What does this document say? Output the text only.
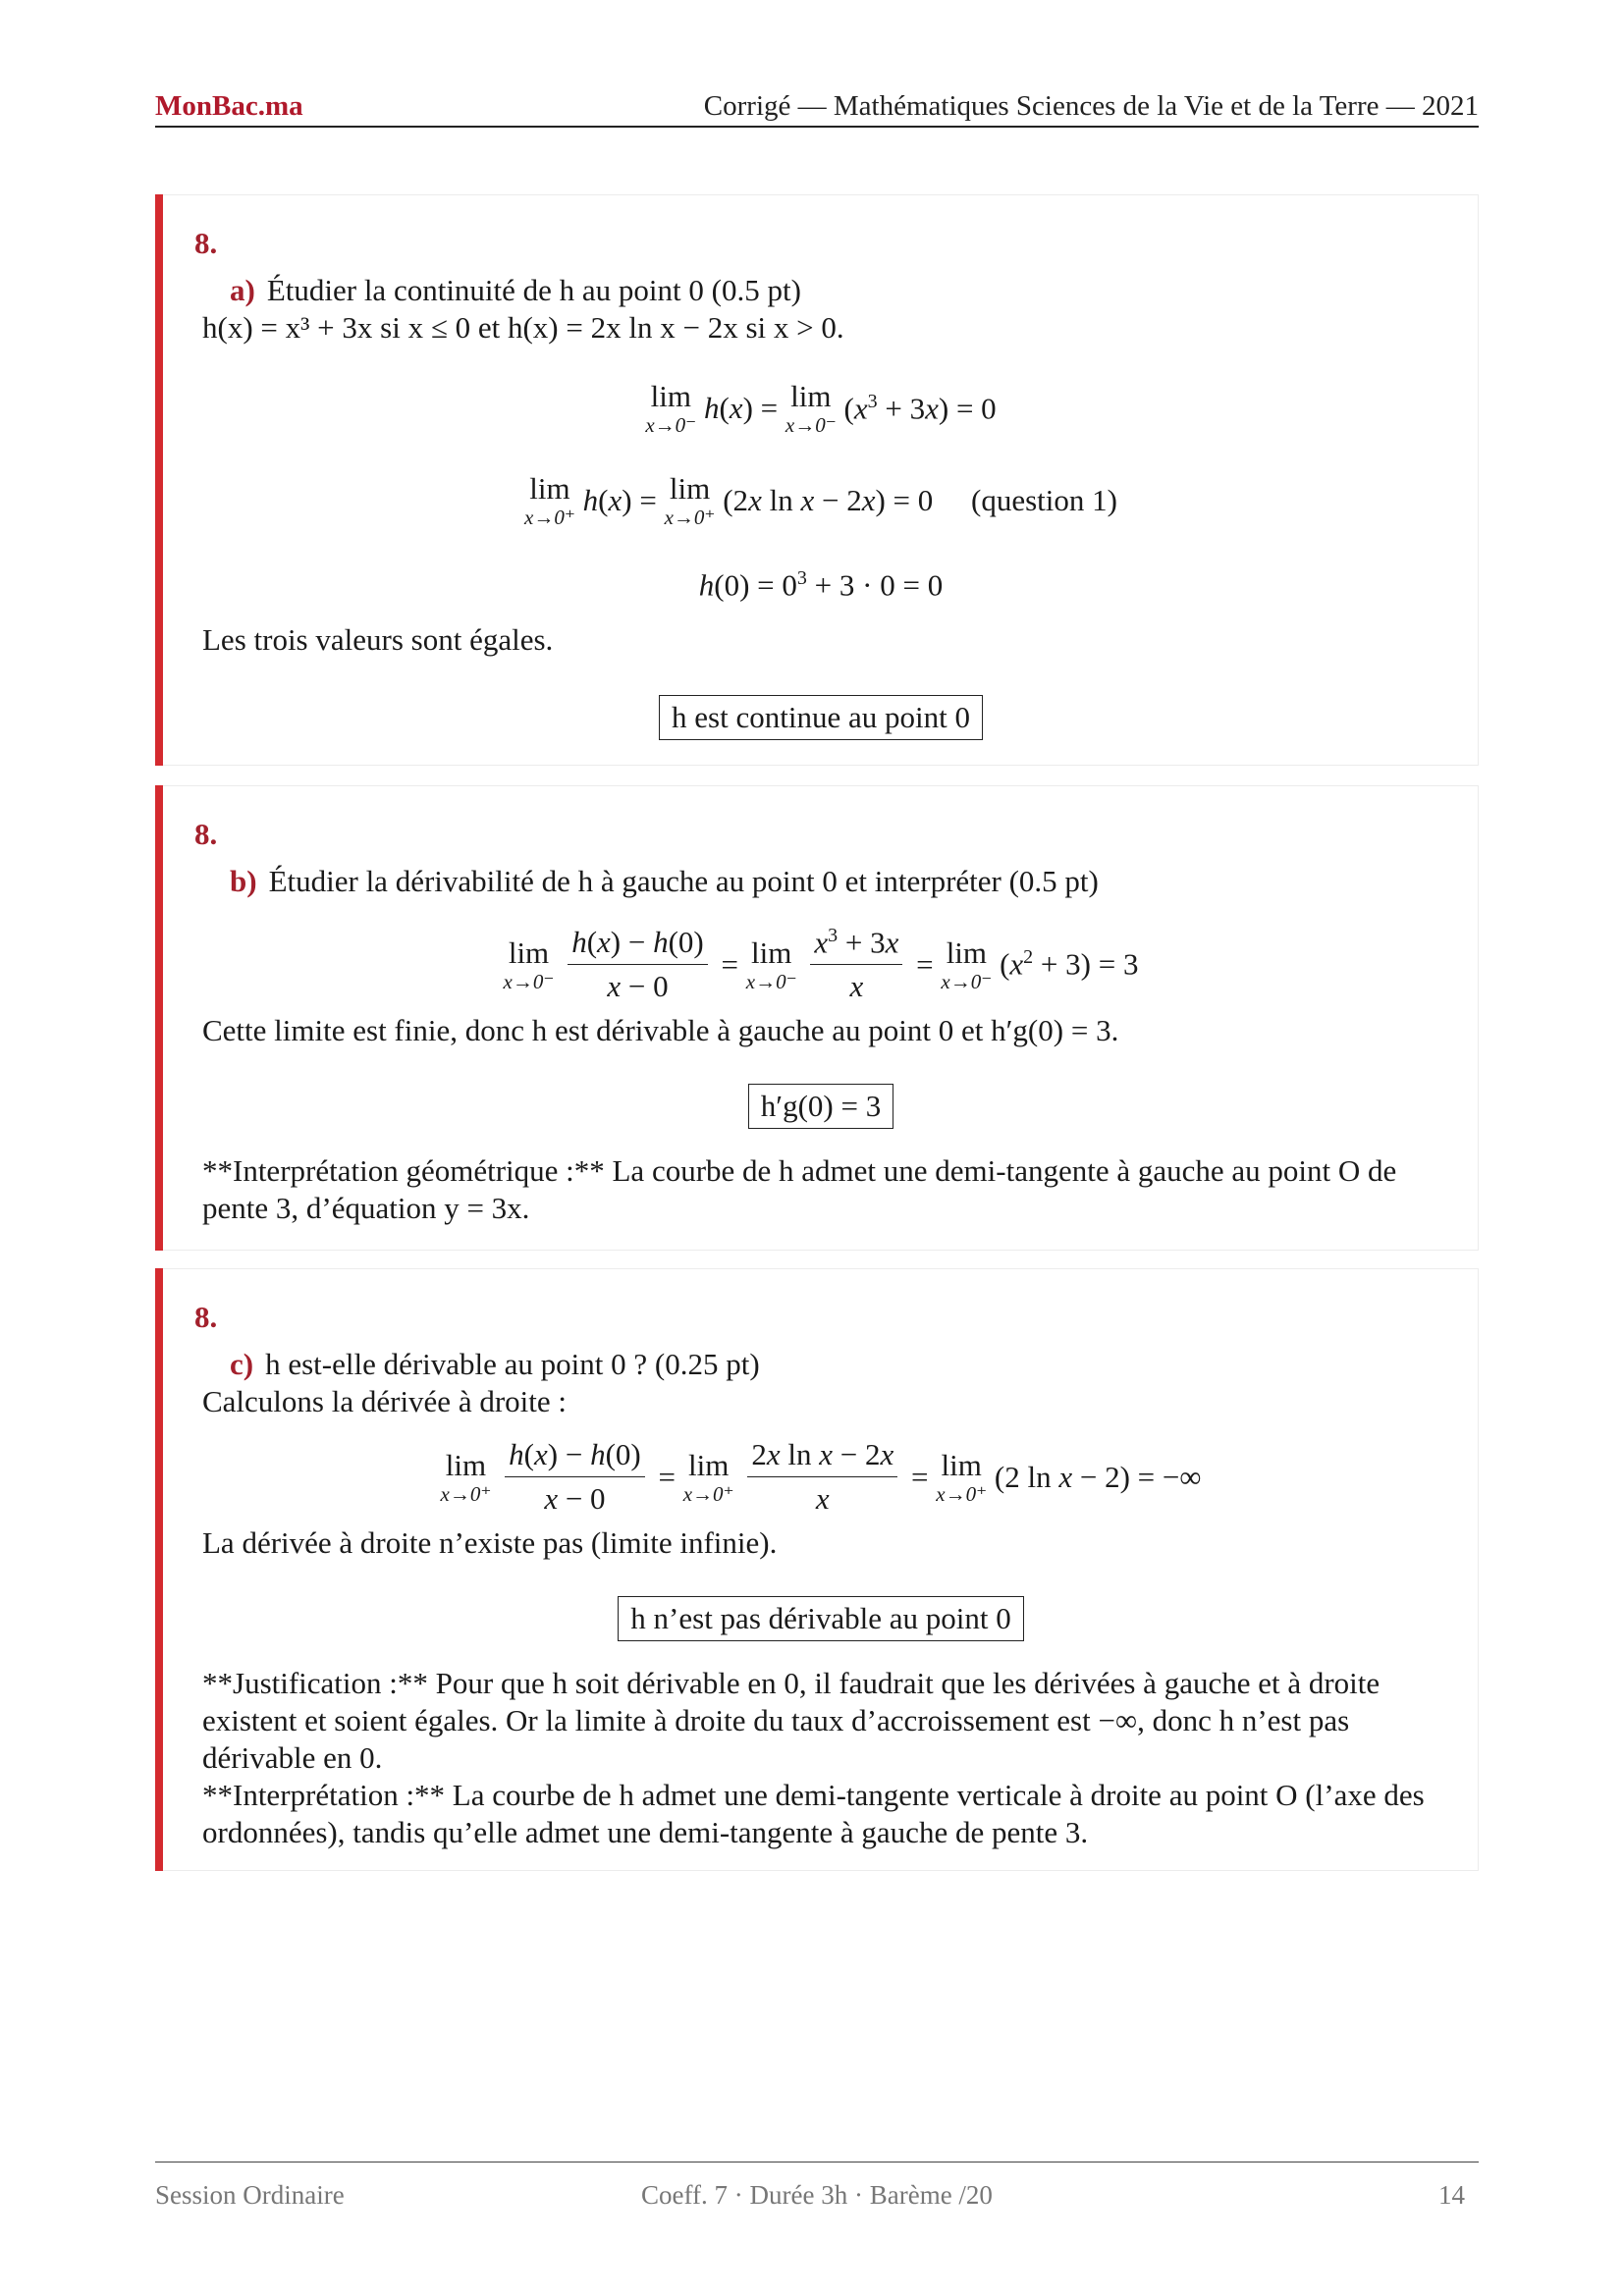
MonBac.ma	Corrigé — Mathématiques Sciences de la Vie et de la Terre — 2021
8.
a) Étudier la continuité de h au point 0 (0.5 pt)
h(x) = x³ + 3x si x ≤ 0 et h(x) = 2x ln x − 2x si x > 0.
lim
x→0⁻ h(x) = lim
x→0⁻ $(x^3 + 3x) = 0$
lim
x→0⁺ h(x) = lim
x→0⁺ (2x ln x − 2x) = 0     (question 1)
$h(0) = 0^3 + 3 \cdot 0 = 0$
Les trois valeurs sont égales.
h est continue au point 0
8.
b) Étudier la dérivabilité de h à gauche au point 0 et interpréter (0.5 pt)
lim
x→0⁻
$\frac{h(x) - h(0)}{x - 0} = \lim$
x→0⁻
$\frac{x^3 + 3x}{x} = \lim$
x→0⁻ $(x^2 + 3) = 3$
Cette limite est finie, donc h est dérivable à gauche au point 0 et h′g(0) = 3.
h′g(0) = 3
**Interprétation géométrique :** La courbe de h admet une demi-tangente à gauche au point O de pente 3, d’équation y = 3x.
8.
c) h est-elle dérivable au point 0 ? (0.25 pt)
Calculons la dérivée à droite :
lim
x→0⁺
$\frac{h(x) - h(0)}{x - 0} = \lim$
x→0⁺
$\frac{\text{2x ln x − 2x}}{x} = \lim$
x→0⁺ (2 ln x − 2) = −∞
La dérivée à droite n’existe pas (limite infinie).
h n’est pas dérivable au point 0
**Justification :** Pour que h soit dérivable en 0, il faudrait que les dérivées à gauche et à droite existent et soient égales. Or la limite à droite du taux d’accroissement est −∞, donc h n’est pas dérivable en 0.
**Interprétation :** La courbe de h admet une demi-tangente verticale à droite au point O (l’axe des ordonnées), tandis qu’elle admet une demi-tangente à gauche de pente 3.
Session Ordinaire	Coeff. 7 · Durée 3h · Barème /20	14
